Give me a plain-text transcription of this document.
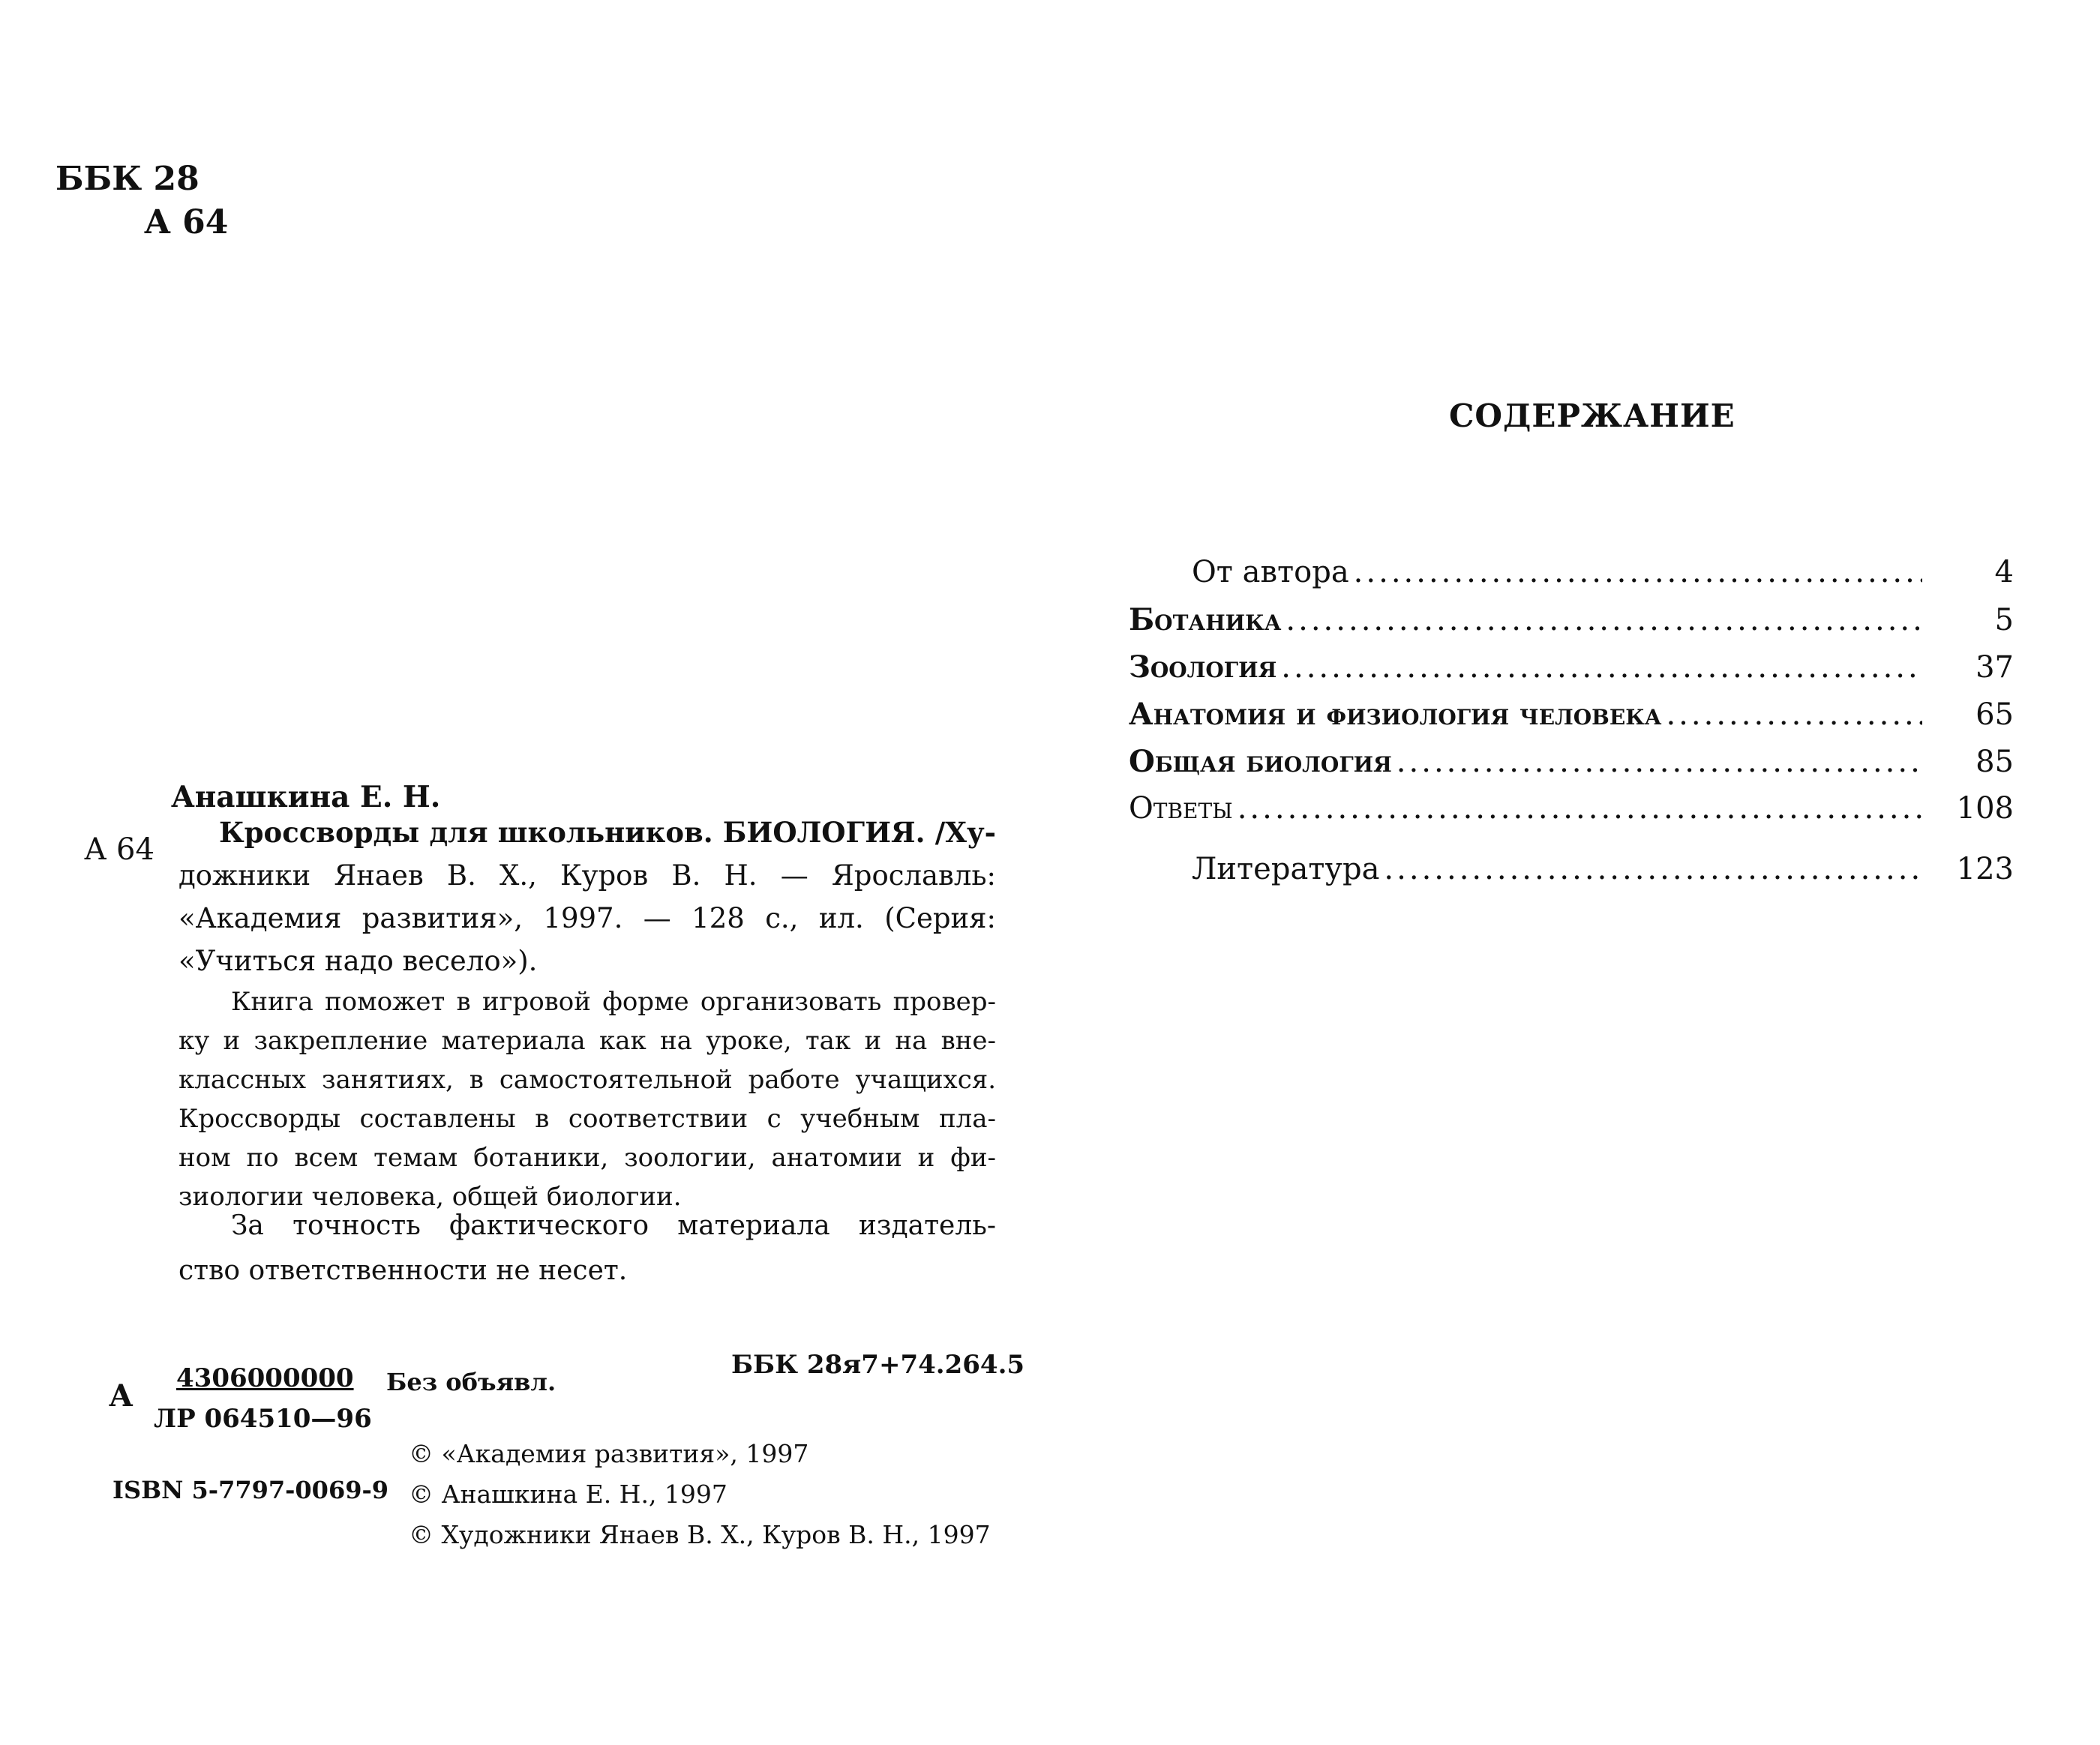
ББК 28
А 64
Анашкина Е. Н.
А 64	Кроссворды для школьников. БИОЛОГИЯ. /Ху-
дожники Янаев В. Х., Куров В. Н. — Ярославль:
«Академия развития», 1997. — 128 с., ил. (Серия:
«Учиться надо весело»).
Книга поможет в игровой форме организовать провер-
ку и закрепление материала как на уроке, так и на вне-
классных занятиях, в самостоятельной работе учащихся.
Кроссворды составлены в соответствии с учебным пла-
ном по всем темам ботаники, зоологии, анатомии и фи-
зиологии человека, общей биологии.
За точность фактического материала издатель-
ство ответственности не несет.
А 4306000000 Без объявл.
ЛР 064510—96
ББК 28я7+74.264.5
ISBN 5-7797-0069-9
© «Академия развития», 1997
© Анашкина Е. Н., 1997
© Художники Янаев В. Х., Куров В. Н., 1997
СОДЕРЖАНИЕ
От автора .....	4
Ботаника .....	5
Зоология .....	37
Анатомия и физиология человека .....	65
Общая биология .....	85
Ответы .....	108
Литература .....	123
